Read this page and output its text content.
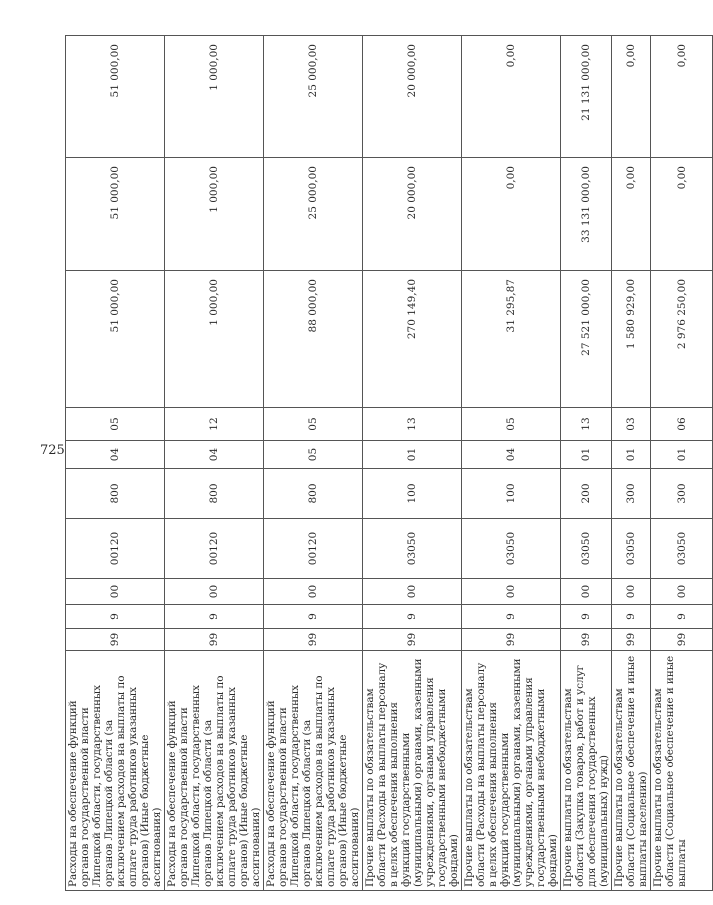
725
Расходы на обеспечение функций органов государственной власти Липецкой области, государственных органов Липецкой области (за исключением расходов на выплаты по оплате труда работников указанных органов) (Иные бюджетные ассигнования)	99	9	00	00120	800	04	05	51 000,00	51 000,00	51 000,00
Расходы на обеспечение функций органов государственной власти Липецкой области, государственных органов Липецкой области (за исключением расходов на выплаты по оплате труда работников указанных органов) (Иные бюджетные ассигнования)	99	9	00	00120	800	04	12	1 000,00	1 000,00	1 000,00
Расходы на обеспечение функций органов государственной власти Липецкой области, государственных органов Липецкой области (за исключением расходов на выплаты по оплате труда работников указанных органов) (Иные бюджетные ассигнования)	99	9	00	00120	800	05	05	88 000,00	25 000,00	25 000,00
Прочие выплаты по обязательствам области (Расходы на выплаты персоналу в целях обеспечения выполнения функций государственными (муниципальными) органами, казенными учреждениями, органами управления государственными внебюджетными фондами)	99	9	00	03050	100	01	13	270 149,40	20 000,00	20 000,00
Прочие выплаты по обязательствам области (Расходы на выплаты персоналу в целях обеспечения выполнения функций государственными (муниципальными) органами, казенными учреждениями, органами управления государственными внебюджетными фондами)	99	9	00	03050	100	04	05	31 295,87	0,00	0,00
Прочие выплаты по обязательствам области (Закупка товаров, работ и услуг для обеспечения государственных (муниципальных) нужд)	99	9	00	03050	200	01	13	27 521 000,00	33 131 000,00	21 131 000,00
Прочие выплаты по обязательствам области (Социальное обеспечение и иные выплаты населению)	99	9	00	03050	300	01	03	1 580 929,00	0,00	0,00
Прочие выплаты по обязательствам области (Социальное обеспечение и иные выплаты	99	9	00	03050	300	01	06	2 976 250,00	0,00	0,00
